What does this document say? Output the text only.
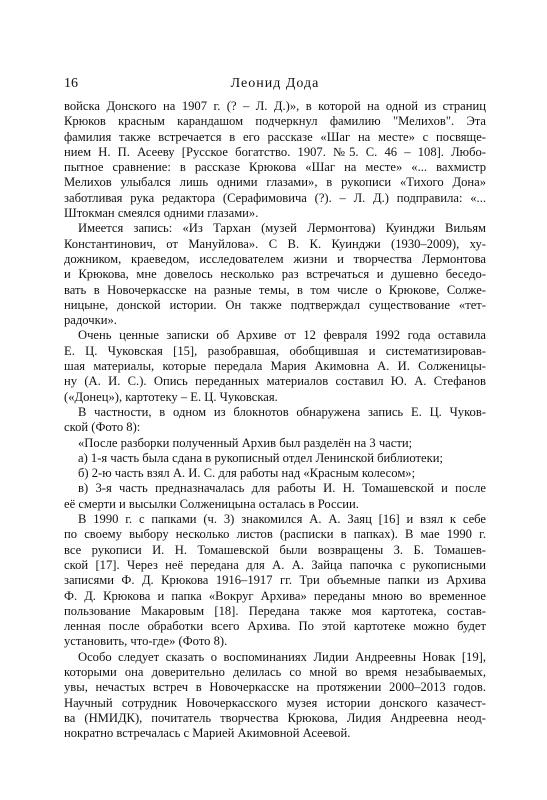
16	Леонид Дода
войска Донского на 1907 г. (? – Л. Д.)», в которой на одной из страниц
Крюков красным карандашом подчеркнул фамилию "Мелихов". Эта
фамилия также встречается в его рассказе «Шаг на месте» с посвяще-
нием Н. П. Асееву [Русское богатство. 1907. №5. С. 46 – 108]. Любо-
пытное сравнение: в рассказе Крюкова «Шаг на месте» «... вахмистр
Мелихов улыбался лишь одними глазами», в рукописи «Тихого Дона»
заботливая рука редактора (Серафимовича (?). – Л. Д.) подправила: «...
Штокман смеялся одними глазами».
Имеется запись: «Из Тархан (музей Лермонтова) Куинджи Вильям
Константинович, от Мануйлова». С В. К. Куинджи (1930–2009), ху-
дожником, краеведом, исследователем жизни и творчества Лермонтова
и Крюкова, мне довелось несколько раз встречаться и душевно беседо-
вать в Новочеркасске на разные темы, в том числе о Крюкове, Солже-
ницыне, донской истории. Он также подтверждал существование «тет-
радочки».
Очень ценные записки об Архиве от 12 февраля 1992 года оставила
Е. Ц. Чуковская [15], разобравшая, обобщившая и систематизировав-
шая материалы, которые передала Мария Акимовна А. И. Солженицы-
ну (А. И. С.). Опись переданных материалов составил Ю. А. Стефанов
(«Донец»), картотеку – Е. Ц. Чуковская.
В частности, в одном из блокнотов обнаружена запись Е. Ц. Чуков-
ской (Фото 8):
«После разборки полученный Архив был разделён на 3 части;
а) 1-я часть была сдана в рукописный отдел Ленинской библиотеки;
б) 2-ю часть взял А. И. С. для работы над «Красным колесом»;
в) 3-я часть предназначалась для работы И. Н. Томашевской и после
её смерти и высылки Солженицына осталась в России.
В 1990 г. с папками (ч. 3) знакомился А. А. Заяц [16] и взял к себе
по своему выбору несколько листов (расписки в папках). В мае 1990 г.
все рукописи И. Н. Томашевской были возвращены З. Б. Томашев-
ской [17]. Через неё передана для А. А. Зайца папочка с рукописными
записями Ф. Д. Крюкова 1916–1917 гг. Три объемные папки из Архива
Ф. Д. Крюкова и папка «Вокруг Архива» переданы мною во временное
пользование Макаровым [18]. Передана также моя картотека, состав-
ленная после обработки всего Архива. По этой картотеке можно будет
установить, что-где» (Фото 8).
Особо следует сказать о воспоминаниях Лидии Андреевны Новак [19],
которыми она доверительно делилась со мной во время незабываемых,
увы, нечастых встреч в Новочеркасске на протяжении 2000–2013 годов.
Научный сотрудник Новочеркасского музея истории донского казачест-
ва (НМИДК), почитатель творчества Крюкова, Лидия Андреевна неод-
нократно встречалась с Марией Акимовной Асеевой.
